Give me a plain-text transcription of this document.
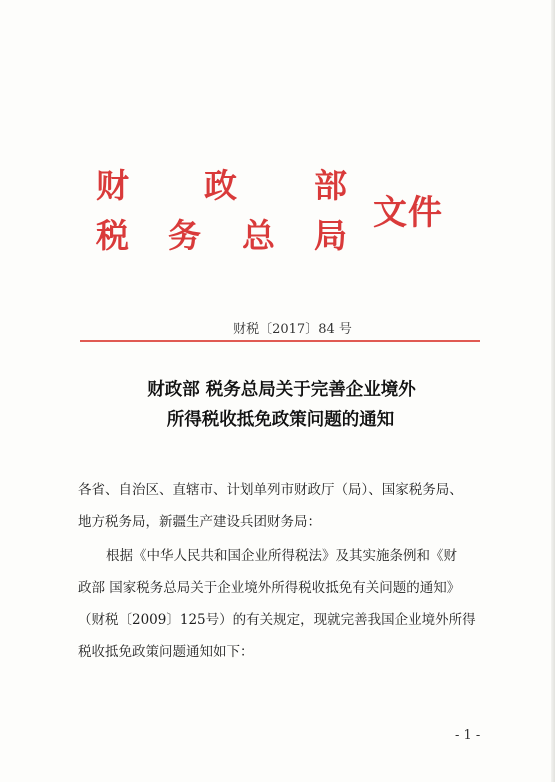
财 政 部
税 务 总 局
文件
财税〔2017〕84 号
财政部 税务总局关于完善企业境外
所得税收抵免政策问题的通知
各省、自治区、直辖市、计划单列市财政厅（局）、国家税务局、
地方税务局，新疆生产建设兵团财务局：
根据《中华人民共和国企业所得税法》及其实施条例和《财
政部 国家税务总局关于企业境外所得税收抵免有关问题的通知》
（财税〔2009〕125号）的有关规定，现就完善我国企业境外所得
税收抵免政策问题通知如下：
- 1 -
